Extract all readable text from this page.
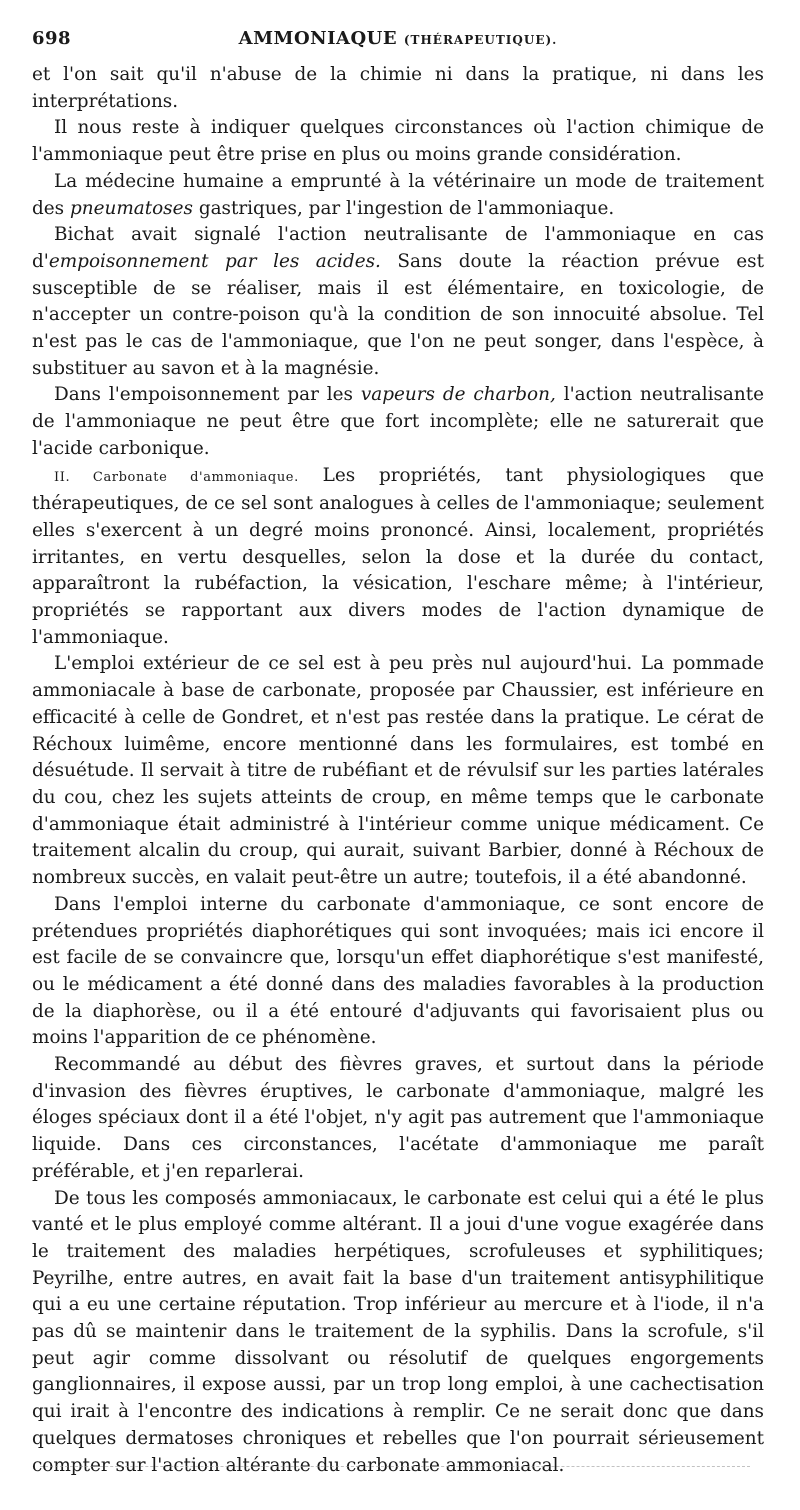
698	AMMONIAQUE (THÉRAPEUTIQUE).

et l'on sait qu'il n'abuse de la chimie ni dans la pratique, ni dans les interprétations.

Il nous reste à indiquer quelques circonstances où l'action chimique de l'ammoniaque peut être prise en plus ou moins grande considération.

La médecine humaine a emprunté à la vétérinaire un mode de traitement des pneumatoses gastriques, par l'ingestion de l'ammoniaque.

Bichat avait signalé l'action neutralisante de l'ammoniaque en cas d'empoisonnement par les acides. Sans doute la réaction prévue est susceptible de se réaliser, mais il est élémentaire, en toxicologie, de n'accepter un contre-poison qu'à la condition de son innocuité absolue. Tel n'est pas le cas de l'ammoniaque, que l'on ne peut songer, dans l'espèce, à substituer au savon et à la magnésie.

Dans l'empoisonnement par les vapeurs de charbon, l'action neutralisante de l'ammoniaque ne peut être que fort incomplète; elle ne saturerait que l'acide carbonique.

II. Carbonate d'ammoniaque. Les propriétés, tant physiologiques que thérapeutiques, de ce sel sont analogues à celles de l'ammoniaque; seulement elles s'exercent à un degré moins prononcé. Ainsi, localement, propriétés irritantes, en vertu desquelles, selon la dose et la durée du contact, apparaîtront la rubéfaction, la vésication, l'eschare même; à l'intérieur, propriétés se rapportant aux divers modes de l'action dynamique de l'ammoniaque.

L'emploi extérieur de ce sel est à peu près nul aujourd'hui. La pommade ammoniacale à base de carbonate, proposée par Chaussier, est inférieure en efficacité à celle de Gondret, et n'est pas restée dans la pratique. Le cérat de Réchoux luimême, encore mentionné dans les formulaires, est tombé en désuétude. Il servait à titre de rubéfiant et de révulsif sur les parties latérales du cou, chez les sujets atteints de croup, en même temps que le carbonate d'ammoniaque était administré à l'intérieur comme unique médicament. Ce traitement alcalin du croup, qui aurait, suivant Barbier, donné à Réchoux de nombreux succès, en valait peut-être un autre; toutefois, il a été abandonné.

Dans l'emploi interne du carbonate d'ammoniaque, ce sont encore de prétendues propriétés diaphorétiques qui sont invoquées; mais ici encore il est facile de se convaincre que, lorsqu'un effet diaphorétique s'est manifesté, ou le médicament a été donné dans des maladies favorables à la production de la diaphorèse, ou il a été entouré d'adjuvants qui favorisaient plus ou moins l'apparition de ce phénomène.

Recommandé au début des fièvres graves, et surtout dans la période d'invasion des fièvres éruptives, le carbonate d'ammoniaque, malgré les éloges spéciaux dont il a été l'objet, n'y agit pas autrement que l'ammoniaque liquide. Dans ces circonstances, l'acétate d'ammoniaque me paraît préférable, et j'en reparlerai.

De tous les composés ammoniacaux, le carbonate est celui qui a été le plus vanté et le plus employé comme altérant. Il a joui d'une vogue exagérée dans le traitement des maladies herpétiques, scrofuleuses et syphilitiques; Peyrilhe, entre autres, en avait fait la base d'un traitement antisyphilitique qui a eu une certaine réputation. Trop inférieur au mercure et à l'iode, il n'a pas dû se maintenir dans le traitement de la syphilis. Dans la scrofule, s'il peut agir comme dissolvant ou résolutif de quelques engorgements ganglionnaires, il expose aussi, par un trop long emploi, à une cachectisation qui irait à l'encontre des indications à remplir. Ce ne serait donc que dans quelques dermatoses chroniques et rebelles que l'on pourrait sérieusement compter sur l'action altérante du carbonate ammoniacal.
